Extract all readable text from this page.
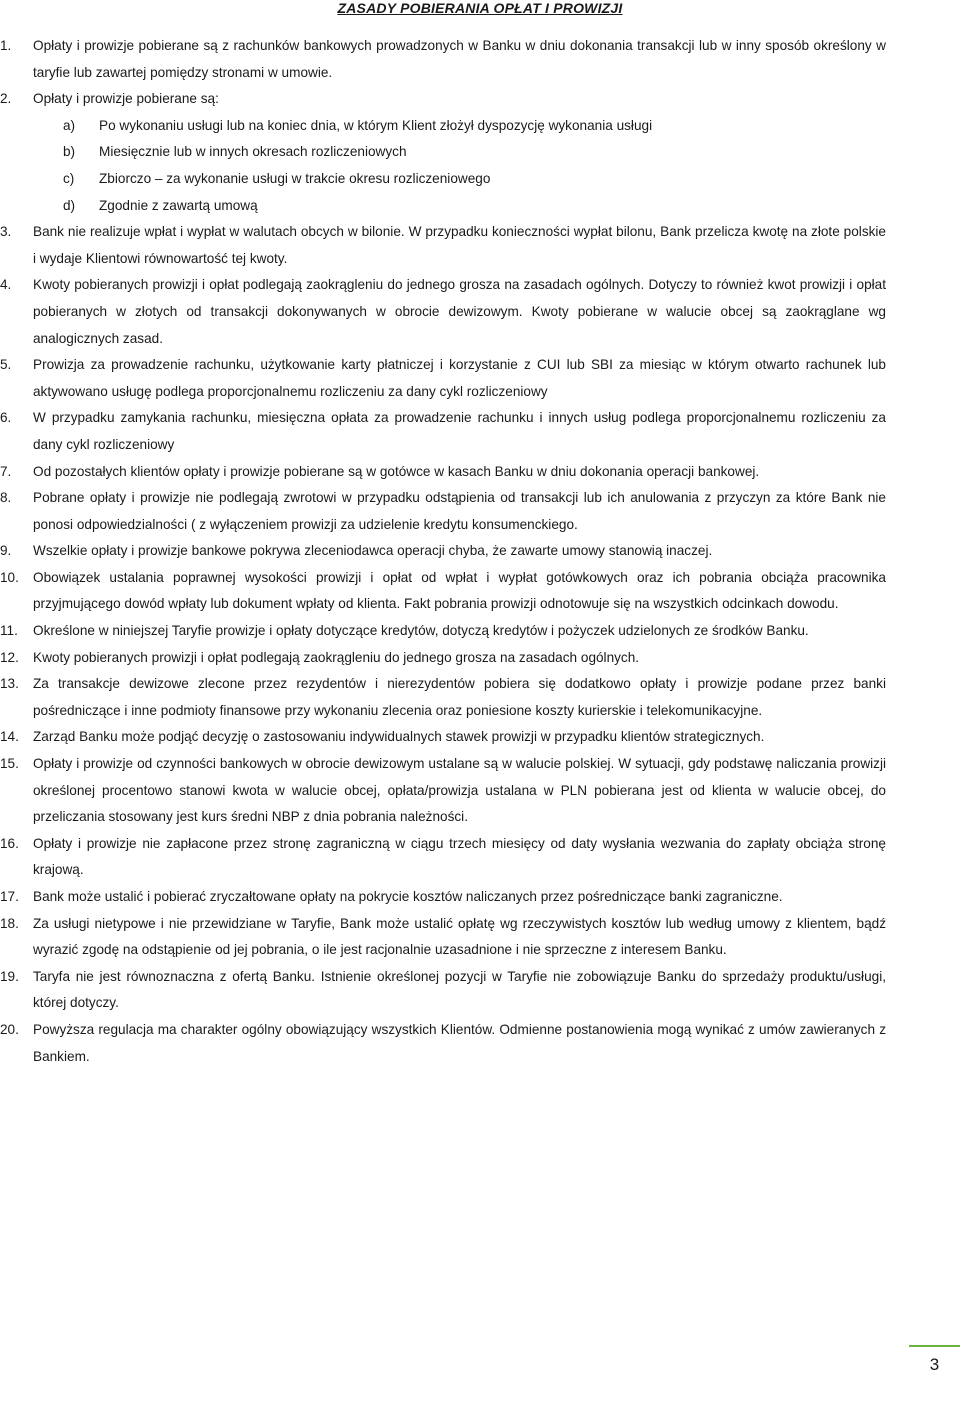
ZASADY POBIERANIA OPŁAT I PROWIZJI
1.	Opłaty i prowizje pobierane są z rachunków bankowych prowadzonych w Banku w dniu dokonania transakcji lub w inny sposób określony w taryfie lub zawartej pomiędzy stronami w umowie.
2.	Opłaty i prowizje pobierane są:
a) Po wykonaniu usługi lub na koniec dnia, w którym Klient złożył dyspozycję wykonania usługi
b) Miesięcznie lub w innych okresach rozliczeniowych
c) Zbiorczo – za wykonanie usługi w trakcie okresu rozliczeniowego
d) Zgodnie z zawartą umową
3.	Bank nie realizuje wpłat i wypłat w walutach obcych w bilonie. W przypadku konieczności wypłat bilonu, Bank przelicza kwotę na złote polskie i wydaje Klientowi równowartość tej kwoty.
4.	Kwoty pobieranych prowizji i opłat podlegają zaokrągleniu do jednego grosza na zasadach ogólnych. Dotyczy to również kwot prowizji i opłat pobieranych w złotych od transakcji dokonywanych w obrocie dewizowym. Kwoty pobierane w walucie obcej są zaokrąglane wg analogicznych zasad.
5.	Prowizja za prowadzenie rachunku, użytkowanie karty płatniczej i korzystanie z CUI lub SBI za miesiąc w którym otwarto rachunek lub aktywowano usługę podlega proporcjonalnemu rozliczeniu za dany cykl rozliczeniowy
6.	W przypadku zamykania rachunku, miesięczna opłata za prowadzenie rachunku i innych usług podlega proporcjonalnemu rozliczeniu za dany cykl rozliczeniowy
7.	Od pozostałych klientów opłaty i prowizje pobierane są w gotówce w kasach Banku w dniu dokonania operacji bankowej.
8.	Pobrane opłaty i prowizje nie podlegają zwrotowi w przypadku odstąpienia od transakcji lub ich anulowania z przyczyn za które Bank nie ponosi odpowiedzialności ( z wyłączeniem prowizji za udzielenie kredytu konsumenckiego.
9.	Wszelkie opłaty i prowizje bankowe pokrywa zleceniodawca operacji chyba, że zawarte umowy stanowią inaczej.
10.	Obowiązek ustalania poprawnej wysokości prowizji i opłat od wpłat i wypłat gotówkowych oraz ich pobrania obciąża pracownika przyjmującego dowód wpłaty lub dokument wpłaty od klienta. Fakt pobrania prowizji odnotowuje się na wszystkich odcinkach dowodu.
11.	Określone w niniejszej Taryfie prowizje i opłaty dotyczące kredytów, dotyczą kredytów i pożyczek udzielonych ze środków Banku.
12.	Kwoty pobieranych prowizji i opłat podlegają zaokrągleniu do jednego grosza na zasadach ogólnych.
13.	Za transakcje dewizowe zlecone przez rezydentów i nierezydentów pobiera się dodatkowo opłaty i prowizje podane przez banki pośredniczące i inne podmioty finansowe przy wykonaniu zlecenia oraz poniesione koszty kurierskie i telekomunikacyjne.
14.	Zarząd Banku może podjąć decyzję o zastosowaniu indywidualnych stawek prowizji w przypadku klientów strategicznych.
15.	Opłaty i prowizje od czynności bankowych w obrocie dewizowym ustalane są w walucie polskiej. W sytuacji, gdy podstawę naliczania prowizji określonej procentowo stanowi kwota w walucie obcej, opłata/prowizja ustalana w PLN pobierana jest od klienta w walucie obcej, do przeliczania stosowany jest kurs średni NBP z dnia pobrania należności.
16.	Opłaty i prowizje nie zapłacone przez stronę zagraniczną w ciągu trzech miesięcy od daty wysłania wezwania do zapłaty obciąża stronę krajową.
17.	Bank może ustalić i pobierać zryczałtowane opłaty na pokrycie kosztów naliczanych przez pośredniczące banki zagraniczne.
18.	Za usługi nietypowe i nie przewidziane w Taryfie, Bank może ustalić opłatę wg rzeczywistych kosztów lub według umowy z klientem, bądź wyrazić zgodę na odstąpienie od jej pobrania, o ile jest racjonalnie uzasadnione i nie sprzeczne z interesem Banku.
19.	Taryfa nie jest równoznaczna z ofertą Banku. Istnienie określonej pozycji w Taryfie nie zobowiązuje Banku do sprzedaży produktu/usługi, której dotyczy.
20.	Powyższa regulacja ma charakter ogólny obowiązujący wszystkich Klientów. Odmienne postanowienia mogą wynikać z umów zawieranych z Bankiem.
3
